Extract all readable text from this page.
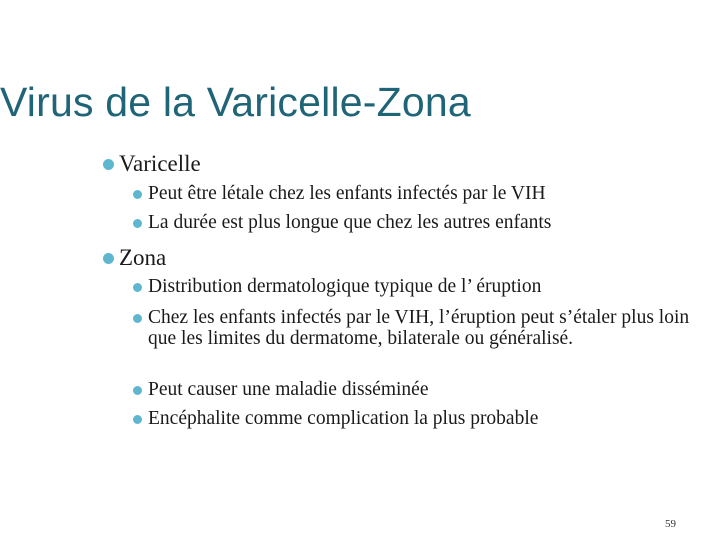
Virus de la Varicelle-Zona
Varicelle
Peut être létale chez les enfants infectés par le VIH
La durée est plus longue que chez les autres enfants
Zona
Distribution dermatologique typique de l’ éruption
Chez les enfants infectés par le VIH, l’éruption peut s’étaler plus loin que les limites du dermatome, bilaterale ou généralisé.
Peut causer une maladie disséminée
Encéphalite comme complication la plus probable
59
